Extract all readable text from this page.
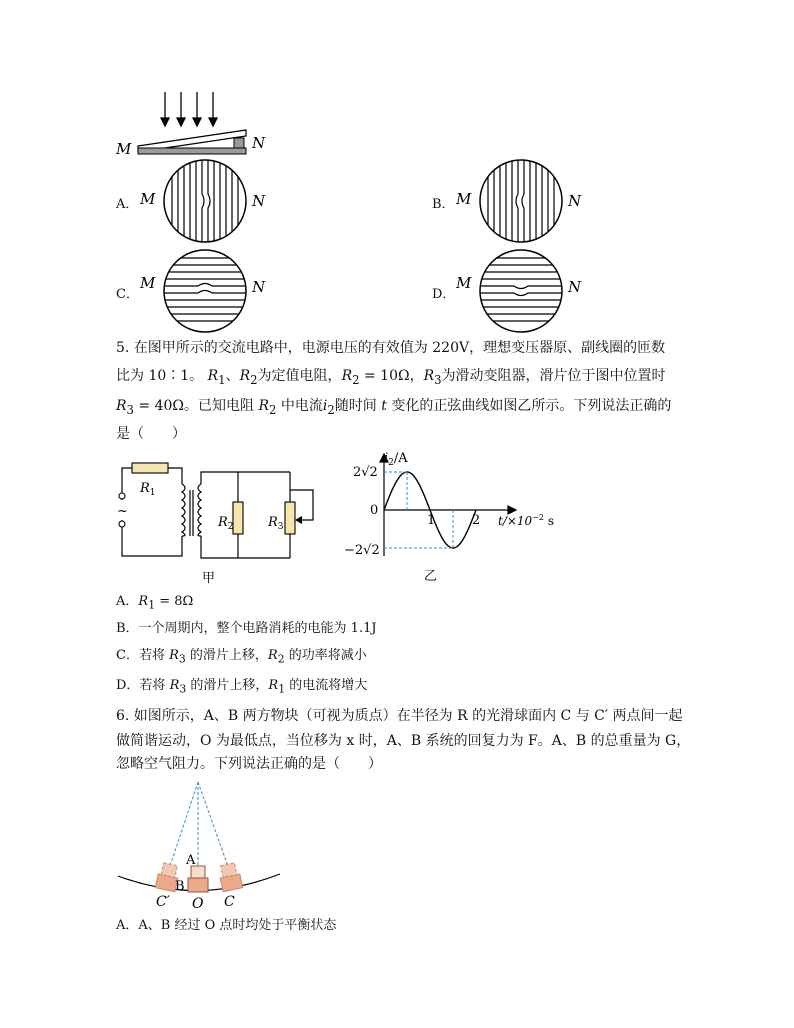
M	N
A．	B．
C．	D．
M	N	M	N
M	N	M	N
5. 在图甲所示的交流电路中，电源电压的有效值为 220V，理想变压器原、副线圈的匝数
比为 10∶1。 $R_1$、$R_2$为定值电阻，$R_2 = 10\Omega$，$R_3$为滑动变阻器，滑片位于图中位置时
$R_3 = 40\Omega$。已知电阻 $R_2$ 中电流$i_2$随时间 t 变化的正弦曲线如图乙所示。下列说法正确的
是（　　）
~
$R_1$
$R_2$	$R_3$
甲
$i_2/A$
2√2
0
−2√2
1	2 $t/\times 10^{-2}$ s
乙
A．$R_1 = 8\Omega$
B．一个周期内，整个电路消耗的电能为 1.1J
C．若将 $R_3$ 的滑片上移，$R_2$ 的功率将减小
D．若将 $R_3$ 的滑片上移，$R_1$ 的电流将增大
6. 如图所示，A、B 两方物块（可视为质点）在半径为 R 的光滑球面内 C 与 C′ 两点间一起
做简谐运动，O 为最低点，当位移为 x 时，A、B 系统的回复力为 F。A、B 的总重量为 G，
忽略空气阻力。下列说法正确的是（　　）
A
B
O
C′	C
A．A、B 经过 O 点时均处于平衡状态
